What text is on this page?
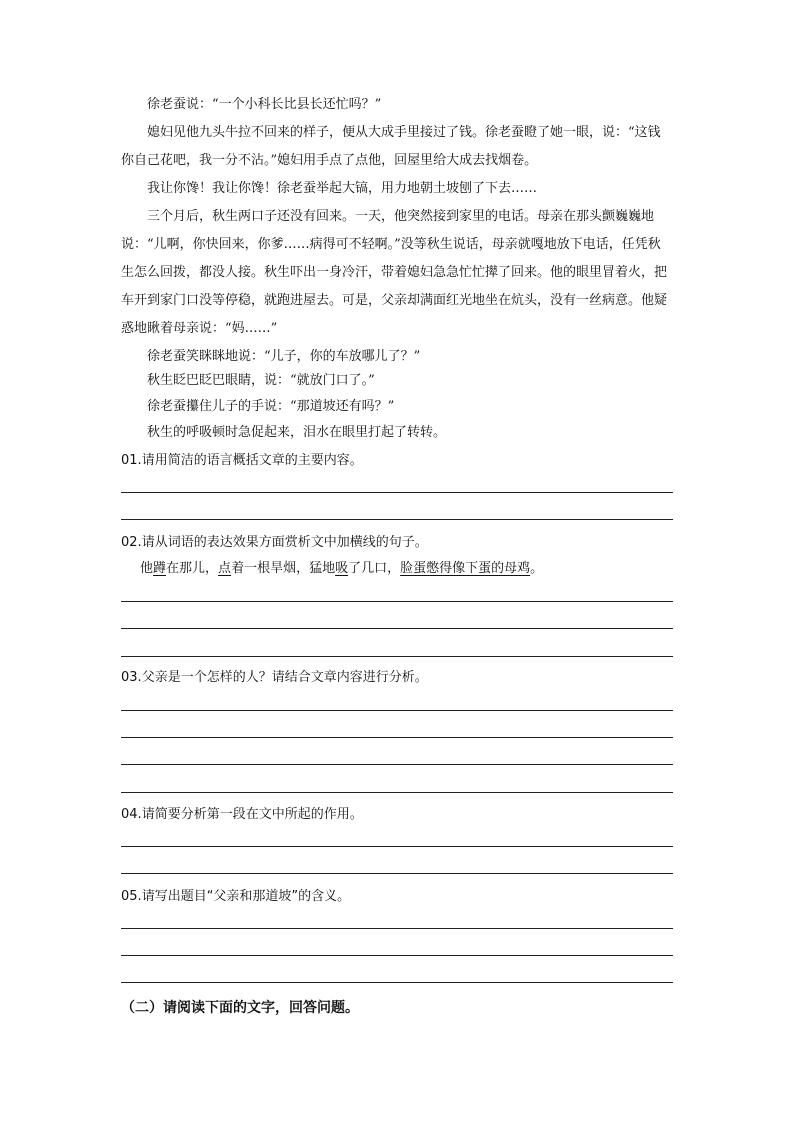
徐老蚕说：“一个小科长比县长还忙吗？”

媳妇见他九头牛拉不回来的样子，便从大成手里接过了钱。徐老蚕瞪了她一眼，说：“这钱你自己花吧，我一分不沾。”媳妇用手点了点他，回屋里给大成去找烟卷。

我让你馋！我让你馋！徐老蚕举起大镐，用力地朝土坡刨了下去……

三个月后，秋生两口子还没有回来。一天，他突然接到家里的电话。母亲在那头颤巍巍地说：“儿啊，你快回来，你爹……病得可不轻啊。”没等秋生说话，母亲就嘎地放下电话，任凭秋生怎么回拨，都没人接。秋生吓出一身冷汗，带着媳妇急急忙忙撵了回来。他的眼里冒着火，把车开到家门口没等停稳，就跑进屋去。可是，父亲却满面红光地坐在炕头，没有一丝病意。他疑惑地瞅着母亲说：“妈……”

徐老蚕笑眯眯地说：“儿子，你的车放哪儿了？”

秋生眨巴眨巴眼睛，说：“就放门口了。”

徐老蚕攥住儿子的手说：“那道坡还有吗？”

秋生的呼吸顿时急促起来，泪水在眼里打起了转转。

01.请用简洁的语言概括文章的主要内容。

02.请从词语的表达效果方面赏析文中加横线的句子。

他蹲在那儿，点着一根旱烟，猛地吸了几口，脸蛋憋得像下蛋的母鸡。

03.父亲是一个怎样的人？请结合文章内容进行分析。

04.请简要分析第一段在文中所起的作用。

05.请写出题目“父亲和那道坡”的含义。

（二）请阅读下面的文字，回答问题。
